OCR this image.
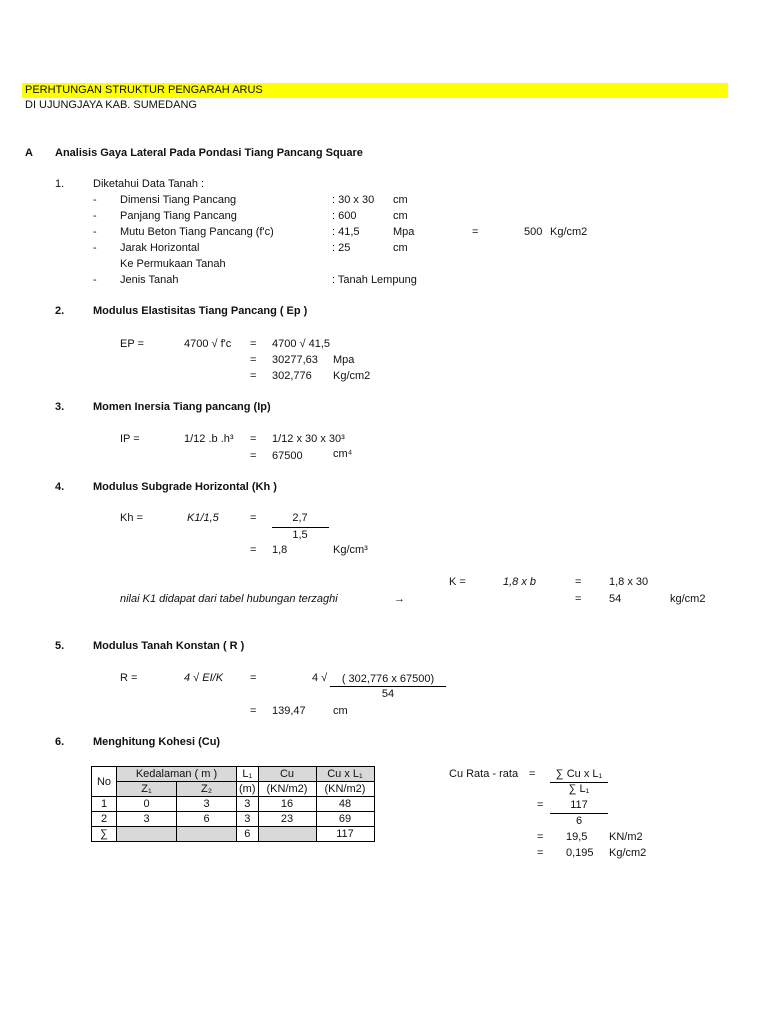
PERHTUNGAN STRUKTUR PENGARAH ARUS
DI UJUNGJAYA KAB. SUMEDANG
A Analisis Gaya Lateral Pada Pondasi Tiang Pancang Square
1.	Diketahui Data Tanah :
- Dimensi Tiang Pancang	: 30 x 30 cm
- Panjang Tiang Pancang	: 600	cm
- Mutu Beton Tiang Pancang (f'c)	: 41,5	Mpa	=	500 Kg/cm2
- Jarak Horizontal	: 25	cm
Ke Permukaan Tanah
- Jenis Tanah	: Tanah Lempung
2.	Modulus Elastisitas Tiang Pancang ( Ep )
EP =	4700 √ f'c = 4700 √ 41,5
= 30277,63 Mpa
= 302,776 Kg/cm2
3.	Momen Inersia Tiang pancang (Ip)
IP =	1/12 .b .h³ = 1/12 x 30 x 30³
= 67500	cm⁴
4.	Modulus Subgrade Horizontal (Kh )
Kh =	K1/1,5	=	2,7
1,5
= 1,8	Kg/cm³
K =	1,8 x b	=	1,8 x 30
nilai K1 didapat dari tabel hubungan terzaghi	→	=	54	kg/cm2
5.	Modulus Tanah Konstan ( R )
R =	4 √ EI/K =	4 √	( 302,776 x 67500)
54
= 139,47 cm
6.	Menghitung Kohesi (Cu)
No	Kedalaman ( m )		L₁	Cu	Cu x L₁
	Z₁	Z₂	(m)	(KN/m2)	(KN/m2)
1	0	3	3	16	48
2	3	6	3	23	69
∑			6		117
Cu Rata - rata =	∑ Cu x L₁
∑ L₁
=	117
6
= 19,5 KN/m2
= 0,195 Kg/cm2
